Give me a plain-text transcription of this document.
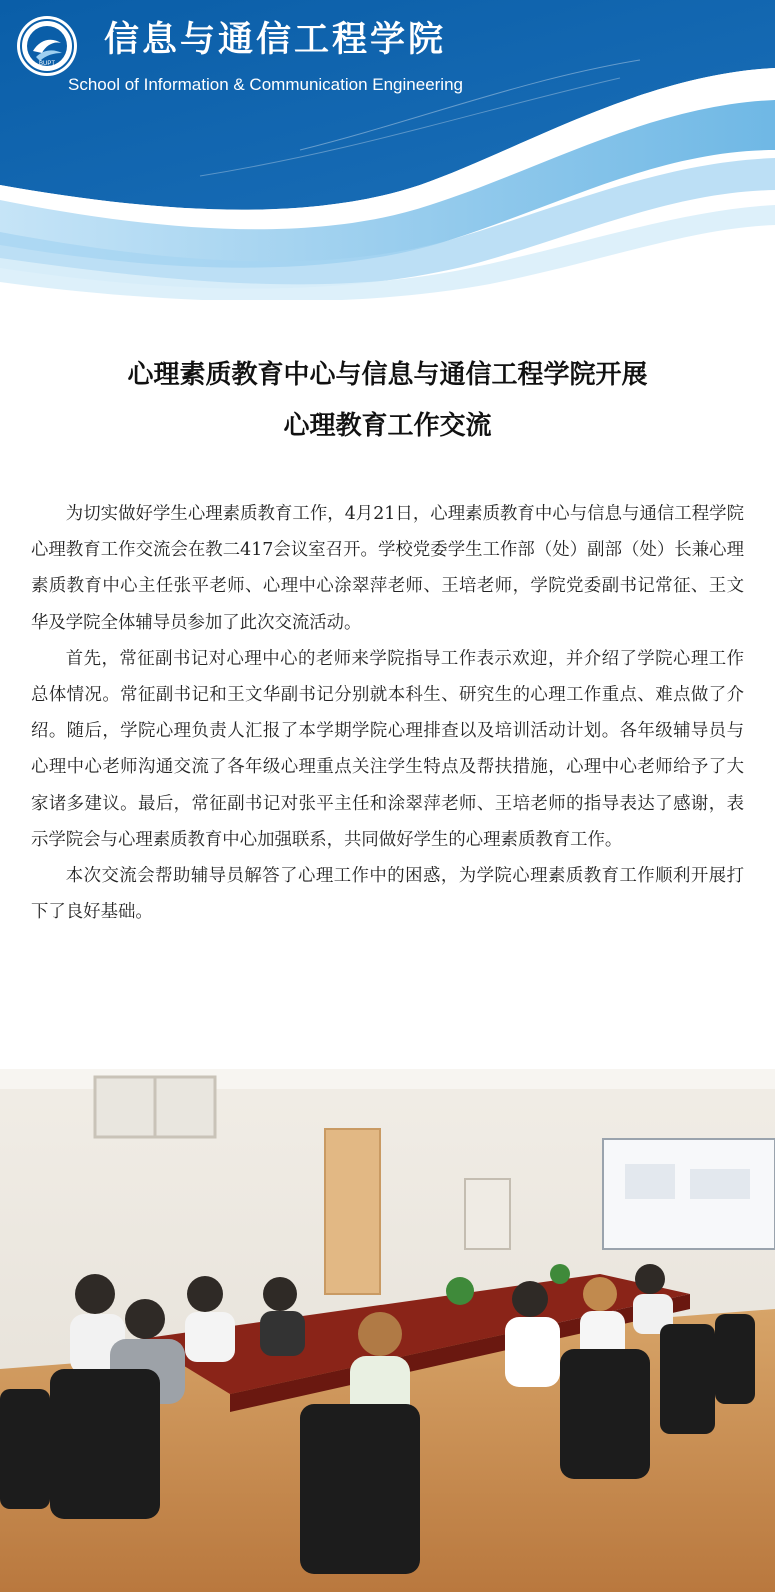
BUPT
信息与通信工程学院
School of Information & Communication Engineering
心理素质教育中心与信息与通信工程学院开展
心理教育工作交流

为切实做好学生心理素质教育工作，4月21日，心理素质教育中心与信息与通信工程学院心理教育工作交流会在教二417会议室召开。学校党委学生工作部（处）副部（处）长兼心理素质教育中心主任张平老师、心理中心涂翠萍老师、王培老师，学院党委副书记常征、王文华及学院全体辅导员参加了此次交流活动。

首先，常征副书记对心理中心的老师来学院指导工作表示欢迎，并介绍了学院心理工作总体情况。常征副书记和王文华副书记分别就本科生、研究生的心理工作重点、难点做了介绍。随后，学院心理负责人汇报了本学期学院心理排查以及培训活动计划。各年级辅导员与心理中心老师沟通交流了各年级心理重点关注学生特点及帮扶措施，心理中心老师给予了大家诸多建议。最后，常征副书记对张平主任和涂翠萍老师、王培老师的指导表达了感谢，表示学院会与心理素质教育中心加强联系，共同做好学生的心理素质教育工作。

本次交流会帮助辅导员解答了心理工作中的困惑，为学院心理素质教育工作顺利开展打下了良好基础。
